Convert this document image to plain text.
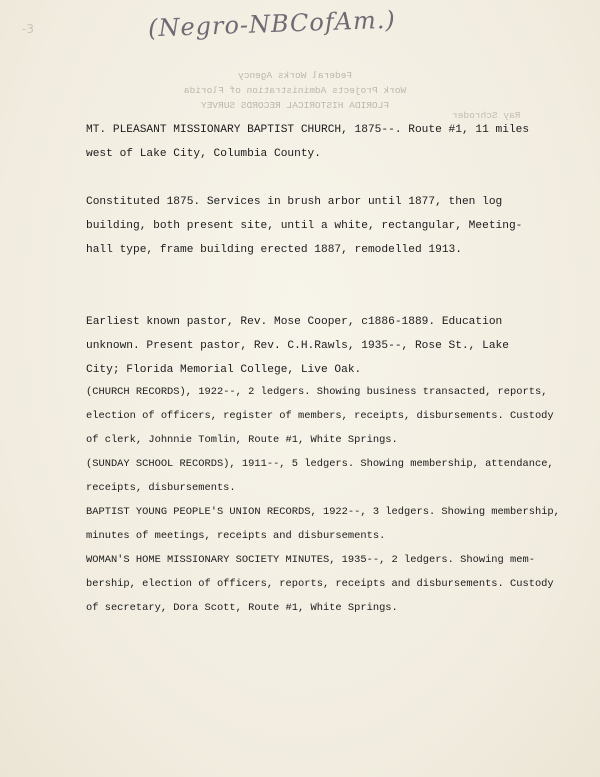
-3	(Negro-NBCofAm.)
Federal Works Agency
Work Projects Administration of Florida
FLORIDA HISTORICAL RECORDS SURVEY
Ray Schroder
MT. PLEASANT MISSIONARY BAPTIST CHURCH, 1875--. Route #1, 11 miles
west of Lake City, Columbia County.
Constituted 1875. Services in brush arbor until 1877, then log
building, both present site, until a white, rectangular, Meeting-
hall type, frame building erected 1887, remodelled 1913.
Earliest known pastor, Rev. Mose Cooper, c1886-1889. Education
unknown. Present pastor, Rev. C.H.Rawls, 1935--, Rose St., Lake
City; Florida Memorial College, Live Oak.
(CHURCH RECORDS), 1922--, 2 ledgers. Showing business transacted, reports,
election of officers, register of members, receipts, disbursements. Custody
of clerk, Johnnie Tomlin, Route #1, White Springs.
(SUNDAY SCHOOL RECORDS), 1911--, 5 ledgers. Showing membership, attendance,
receipts, disbursements.
BAPTIST YOUNG PEOPLE'S UNION RECORDS, 1922--, 3 ledgers. Showing membership,
minutes of meetings, receipts and disbursements.
WOMAN'S HOME MISSIONARY SOCIETY MINUTES, 1935--, 2 ledgers. Showing mem-
bership, election of officers, reports, receipts and disbursements. Custody
of secretary, Dora Scott, Route #1, White Springs.
